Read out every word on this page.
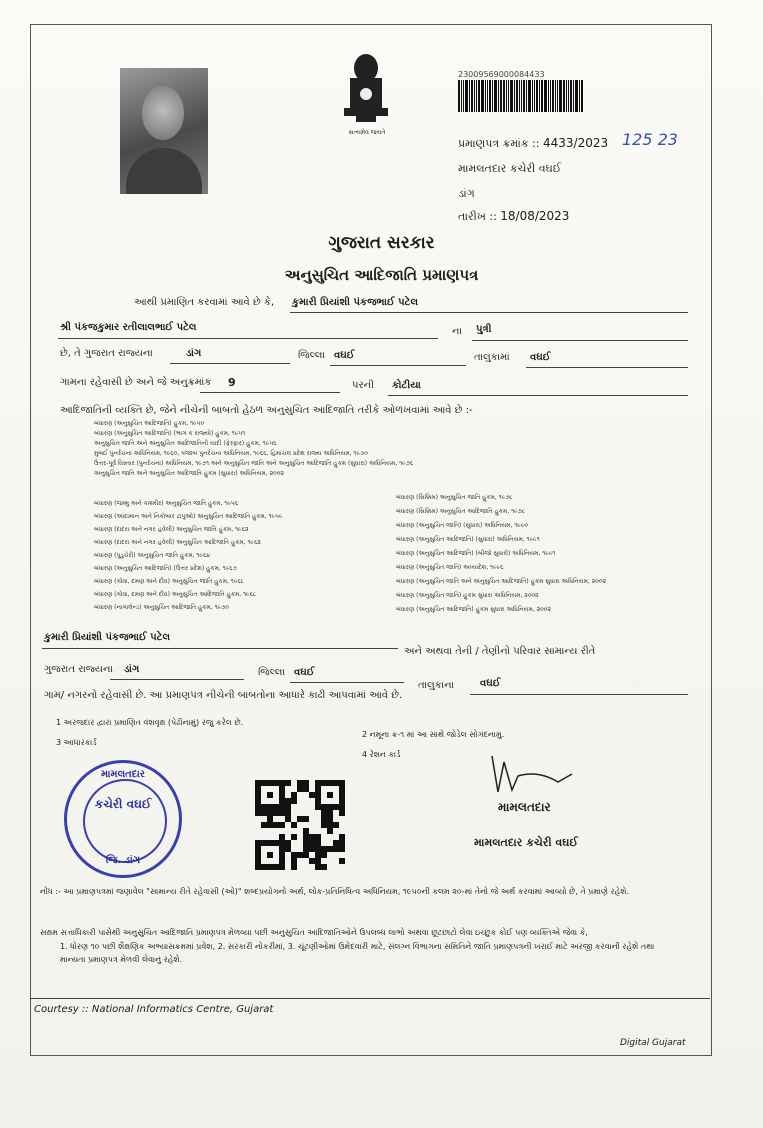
સત્યમેવ જયતે
23009569000084433
પ્રમાણપત્ર ક્રમાંક :: 4433/2023 125 23
મામલતદાર કચેરી વઘઈ
ડાંગ
તારીખ :: 18/08/2023
ગુજરાત સરકાર
અનુસુચિત આદિજાતિ પ્રમાણપત્ર
આથી પ્રમાણિત કરવામાં આવે છે કે, કુમારી પ્રિયાંશી પંકજભાઈ પટેલ
શ્રી પંકજકુમાર રતીલાલભાઈ પટેલ	ના પુત્રી
છે, તે ગુજરાત રાજ્યના	ડાંગ	જિલ્લા વઘઈ	તાલુકામાં વઘઈ
ગામના રહેવાસી છે અને જે અનુક્રમાંક 9	પરની કોટીયા
આદિજાતિની વ્યક્તિ છે, જેને નીચેની બાબતો હેઠળ અનુસુચિત આદિજાતિ તરીકે ઓળખવામાં આવે છે :-
બંધારણ (અનુસુચિત આદિજાતિ) હુકમ, ૧૯૫૦
બંધારણ (અનુસુચિત આદિજાતિ) (ભાગ ક રાજ્યો) હુકમ, ૧૯૫૧
અનુસુચિત જાતિ અને અનુસુચિત આદિજાતિની યાદી (ફેરફાર) હુકમ, ૧૯૫૬
મુંબઈ પુનર્રચના અધિનિયમ, ૧૯૬૦, પંજાબ પુનર્રચના અધિનિયમ, ૧૯૬૬, હિમાચલ પ્રદેશ રાજ્ય અધિનિયમ, ૧૯૭૦
ઉત્તર-પૂર્વ વિસ્તાર (પુનર્રચના) અધિનિયમ, ૧૯૭૧ અને અનુસુચિત જાતિ અને અનુસુચિત આદિજાતિ હુકમ (સુધારા) અધિનિયમ, ૧૯૭૬
અનુસુચિત જાતિ અને અનુસુચિત આદિજાતિ હુકમ (સુધારા) અધિનિયમ, ૨૦૦૨
બંધારણ (જમ્મુ અને કાશ્મીર) અનુસુચિત જાતિ હુકમ, ૧૯૫૬
બંધારણ (આંદામાન અને નિકોબાર ટાપુઓ) અનુસુચિત આદિજાતિ હુકમ, ૧૯૫૯
બંધારણ (દાદરા અને નગર હવેલી) અનુસુચિત જાતિ હુકમ, ૧૯૬૨
બંધારણ (દાદરા અને નગર હવેલી) અનુસુચિત આદિજાતિ હુકમ, ૧૯૬૨
બંધારણ (પુડુચેરી) અનુસુચિત જાતિ હુકમ, ૧૯૬૪
બંધારણ (અનુસુચિત આદિજાતિ) (ઉત્તર પ્રદેશ) હુકમ, ૧૯૬૭
બંધારણ (ગોવા, દમણ અને દીવ) અનુસુચિત જાતિ હુકમ, ૧૯૬૮
બંધારણ (ગોવા, દમણ અને દીવ) અનુસુચિત આદિજાતિ હુકમ, ૧૯૬૮
બંધારણ (નાગાલેન્ડ) અનુસુચિત આદિજાતિ હુકમ, ૧૯૭૦
બંધારણ (સિક્કિમ) અનુસુચિત જાતિ હુકમ, ૧૯૭૮
બંધારણ (સિક્કિમ) અનુસુચિત આદિજાતિ હુકમ, ૧૯૭૮
બંધારણ (અનુસુચિત જાતિ) (સુધારા) અધિનિયમ, ૧૯૯૦
બંધારણ (અનુસુચિત આદિજાતિ) (સુધારા) અધિનિયમ, ૧૯૯૧
બંધારણ (અનુસુચિત આદિજાતિ) (બીજો સુધારો) અધિનિયમ, ૧૯૯૧
બંધારણ (અનુસુચિત જાતિ) અધ્યાદેશ, ૧૯૯૬
બંધારણ (અનુસુચિત જાતિ અને અનુસુચિત આદિજાતિ) હુકમ સુધારા અધિનિયમ, ૨૦૦૨
બંધારણ (અનુસુચિત જાતિ) હુકમ સુધારા અધિનિયમ, ૨૦૦૨
બંધારણ (અનુસુચિત આદિજાતિ) હુકમ સુધારા અધિનિયમ, ૨૦૦૨
કુમારી પ્રિયાંશી પંકજભાઈ પટેલ
અને અથવા તેની / તેણીનો પરિવાર સામાન્ય રીતે
ગુજરાત રાજ્યના ડાંગ	જિલ્લા વઘઈ
તાલુકાના	વઘઈ
ગામ/ નગરનો રહેવાસી છે. આ પ્રમાણપત્ર નીચેની બાબતોના આધારે કાઢી આપવામાં આવે છે.
1 અરજદાર દ્વારા પ્રમાણિત વંશવૃક્ષ (પેઢીનામું) રજુ કરેલ છે.
2 નમૂના ક્ર-૧ માં આ સાથે જોડેલ સોગંદનામું.
3 આધારકાર્ડ
4 રેશન કાર્ડ
મામલતદાર
કચેરી વઘઈ
જિ. ડાંગ
મામલતદાર
મામલતદાર કચેરી વઘઈ
નોંધ :- આ પ્રમાણપત્રમાં જણાવેલ "સામાન્ય રીતે રહેવાસી (ઓ)" શબ્દપ્રયોગનો અર્થ, લોક-પ્રતિનિધિત્વ અધિનિયમ, ૧૯૫૦ની કલમ ૨૦-માં તેનો જે અર્થ કરવામાં આવ્યો છે, તે પ્રમાણે રહેશે.
સક્ષમ સત્તાધિકારી પાસેથી અનુસુચિત આદિજાતિ પ્રમાણપત્ર મેળવ્યા પછી અનુસુચિત આદિજાતિઓને ઉપલબ્ધ લાભો અથવા છૂટછાટો લેવા ઇચ્છુક કોઈ પણ વ્યક્તિએ જેવા કે,
1. ધોરણ ૧૦ પછી શૈક્ષણિક અભ્યાસક્રમમાં પ્રવેશ, 2. સરકારી નોકરીમાં, 3. ચૂંટણીઓમાં ઉમેદવારી માટે, સંલગ્ન વિભાગના સમિતિને જાતિ પ્રમાણપત્રની ખરાઈ માટે અરજી કરવાની રહેશે તથા માન્યતા પ્રમાણપત્ર મેળવી લેવાનું રહેશે.
Courtesy :: National Informatics Centre, Gujarat
Digital Gujarat
